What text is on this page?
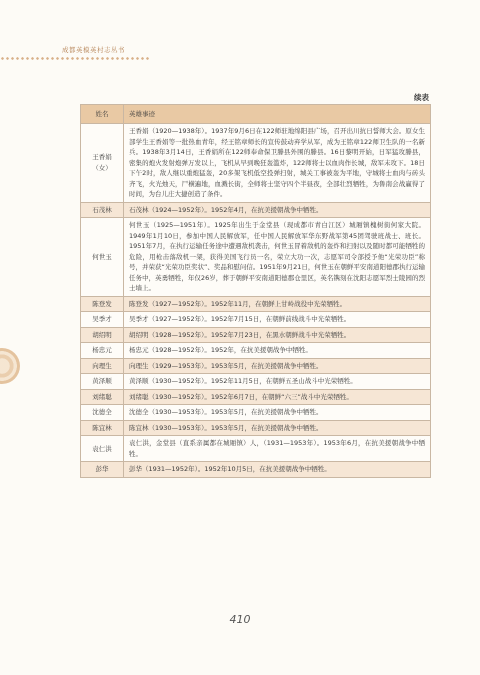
成都英模英村志丛书
续表
姓名	英雄事迹
王香娟（女）	王香娟（1920—1938年）。1937年9月6日在122师驻地绵阳县广场，召开出川抗日誓师大会。原女生部学生王香娟等一批热血青年，经王铭章师长的宣传鼓动弃学从军，成为王铭章122师卫生队的一名新兵。1938年3月14日，王香娟所在122师奉命保卫滕县外围的滕县。16日黎明开始，日军猛攻滕县，密集的炮火发射炮弹万发以上，飞机从早到晚狂轰滥炸，122师将士以血肉作长城，敌军未攻下。18日下午2时，敌人继以重炮猛轰，20多架飞机低空投弹扫射，城关工事被轰为平地，守城将士血肉与砖头齐飞，火光烛天，尸横遍地，血溅长街，全师将士坚守四个半昼夜，全部壮烈牺牲，为鲁南会战赢得了时间，为台儿庄大捷创造了条件。
石茂林	石茂林（1924—1952年）。1952年4月，在抗美援朝战争中牺牲。
何世玉	何世玉（1925—1951年）。1925年出生于金堂县（现成都市青白江区）城厢镇槐树街何家大院。1949年1月10日，参加中国人民解放军，任中国人民解放军华东野战军第45团驾驶班战士、班长。1951年7月，在执行运输任务途中遭遇敌机袭击，何世玉冒着敌机的轰炸和扫射以及随时都可能牺牲的危险，用枪击落敌机一架，获得美国飞行员一名，荣立大功一次，志愿军司令部授予他“光荣功臣”称号，并荣获“光荣功臣奖状”、奖品和慰问信。1951年9月21日，何世玉在朝鲜平安南道阳德郡执行运输任务中，英勇牺牲，年仅26岁，葬于朝鲜平安南道阳德郡仓里区，英名镌刻在沈阳志愿军烈士陵园的烈士墙上。
陈登发	陈登发（1927—1952年）。1952年11月，在朝鲜上甘岭战役中光荣牺牲。
吴季才	吴季才（1927—1952年）。1952年7月15日，在朝鲜前线战斗中光荣牺牲。
胡绍明	胡绍明（1928—1952年）。1952年7月23日，在黑水朝鲜战斗中光荣牺牲。
杨忠元	杨忠元（1928—1952年）。1952年，在抗美援朝战争中牺牲。
向理生	向理生（1929—1953年）。1953年5月，在抗美援朝战争中牺牲。
黄泽顺	黄泽顺（1930—1952年）。1952年11月5日，在朝鲜五圣山战斗中光荣牺牲。
刘绪聪	刘绪聪（1930—1952年）。1952年6月7日，在朝鲜“六三”战斗中光荣牺牲。
沈德全	沈德全（1930—1953年）。1953年5月，在抗美援朝战争中牺牲。
陈宜林	陈宜林（1930—1953年）。1953年5月，在抗美援朝战争中牺牲。
袁仁洪	袁仁洪，金堂县（直系亲属都在城厢镇）人，（1931—1953年）。1953年6月，在抗美援朝战争中牺牲。
彭华	彭华（1931—1952年）。1952年10月5日，在抗美援朝战争中牺牲。
410
